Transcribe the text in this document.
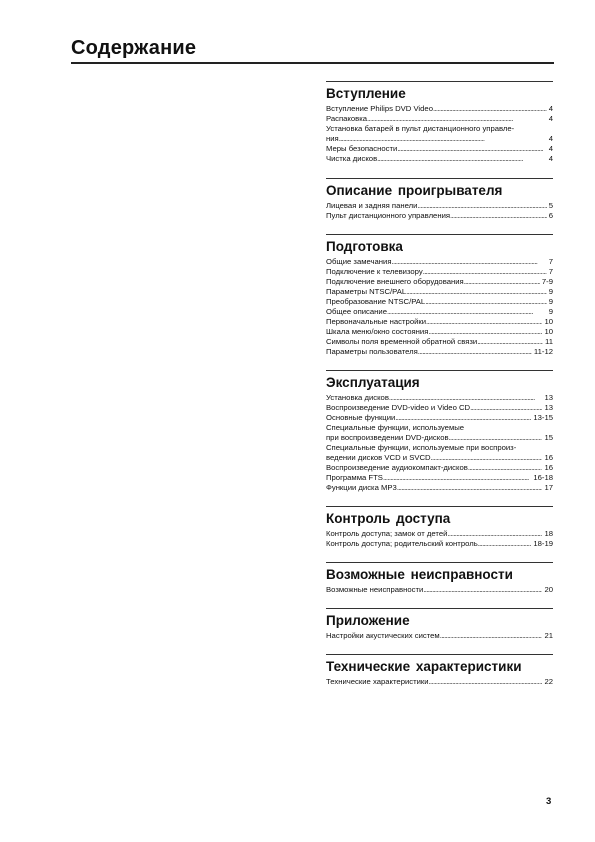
Содержание
Вступление
Вступление Philips DVD Video . . .	4
Распаковка . . .	4
Установка батарей в пульт дистанционного управле-
ния . . .	4
Меры безопасности . . .	4
Чистка дисков . . .	4
Описание проигрывателя
Лицевая и задняя панели . . .	5
Пульт дистанционного управления . . .	6
Подготовка
Общие замечания . . .	7
Подключение к телевизору . . .	7
Подключение внешнего оборудования . . .	7-9
Параметры NTSC/PAL . . .	9
Преобразование NTSC/PAL . . .	9
Общее описание . . .	9
Первоначальные настройки . . .	10
Шкала меню/окно состояния . . .	10
Символы поля временной обратной связи . . .	11
Параметры пользователя . . .	11-12
Эксплуатация
Установка дисков . . .	13
Воспроизведение DVD-video и Video CD . . .	13
Основные функции . . .	13-15
Специальные функции, используемые
при воспроизведении DVD-дисков . . .	15
Специальные функции, используемые при воспроиз-
ведении дисков VCD и SVCD . . .	16
Воспроизведение аудиокомпакт-дисков . . .	16
Программа FTS . . .	16-18
Функции диска MP3 . . .	17
Контроль доступа
Контроль доступа; замок от детей . . .	18
Контроль доступа; родительский контроль . . .	18-19
Возможные неисправности
Возможные неисправности . . .	20
Приложение
Настройки акустических систем . . .	21
Технические характеристики
Технические характеристики . . .	22
3
